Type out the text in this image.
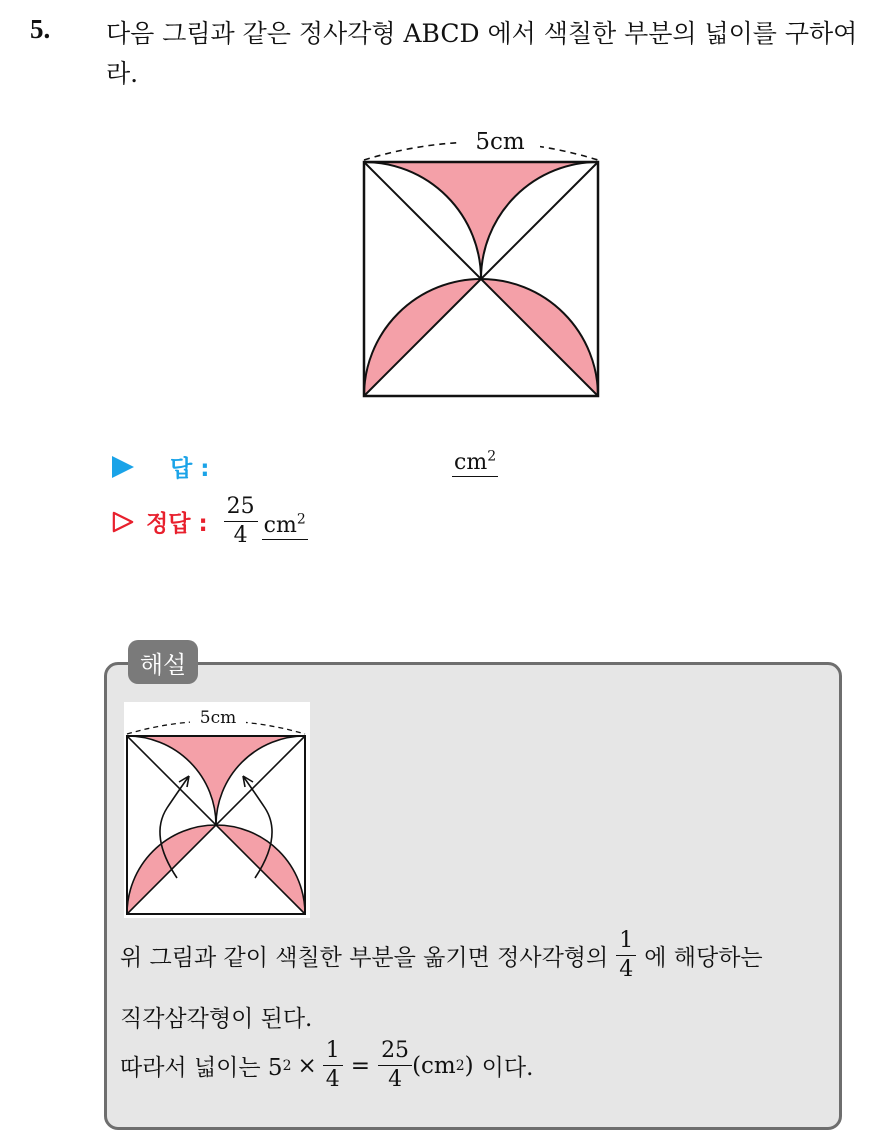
5. 다음 그림과 같은 정사각형 ABCD 에서 색칠한 부분의 넓이를 구하여라.
5cm
답 :	$cm^2$
정답 : $\frac{25}{4} cm^2$
해설
5cm
위 그림과 같이 색칠한 부분을 옮기면 정사각형의 $\frac{1}{4}$ 에 해당하는
직각삼각형이 된다.
따라서 넓이는 5 $2 \times \frac{1}{4} = \frac{25}{4} (cm$ 2 ) 이다.
